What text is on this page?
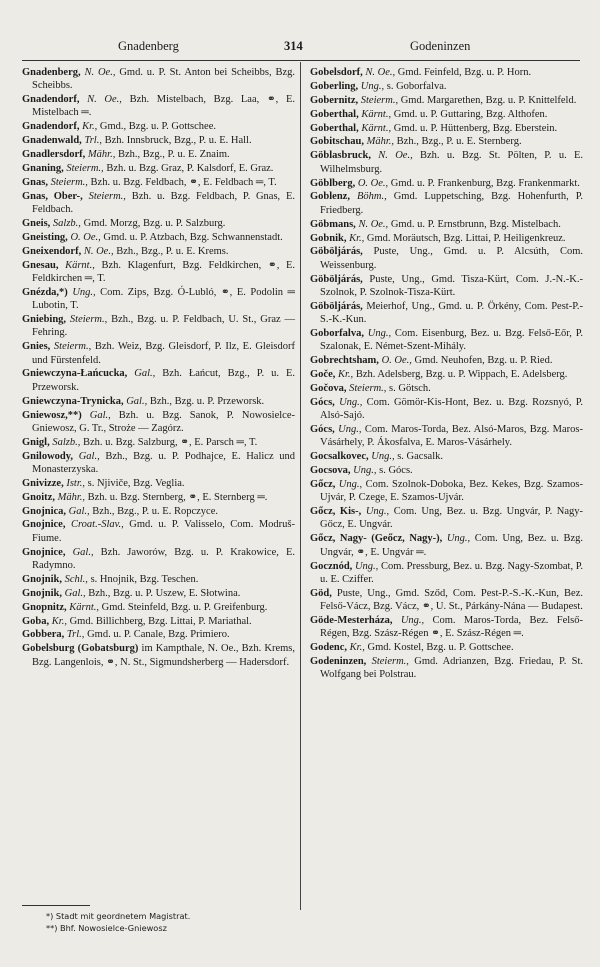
Gnadenberg	314	Godeninzen
Gnadenberg, N. Oe., Gmd. u. P. St. Anton bei Scheibbs, Bzg. Scheibbs.
Gnadendorf, N. Oe., Bzh. Mistelbach, Bzg. Laa, ⚭, E. Mistelbach ═.
Gnadendorf, Kr., Gmd., Bzg. u. P. Gottschee.
Gnadenwald, Trl., Bzh. Innsbruck, Bzg., P. u. E. Hall.
Gnadlersdorf, Mähr., Bzh., Bzg., P. u. E. Znaim.
Gnaning, Steierm., Bzh. u. Bzg. Graz, P. Kalsdorf, E. Graz.
Gnas, Steierm., Bzh. u. Bzg. Feldbach, ⚭, E. Feldbach ═, T.
Gnas, Ober-, Steierm., Bzh. u. Bzg. Feldbach, P. Gnas, E. Feldbach.
Gneis, Salzb., Gmd. Morzg, Bzg. u. P. Salzburg.
Gneisting, O. Oe., Gmd. u. P. Atzbach, Bzg. Schwannenstadt.
Gneixendorf, N. Oe., Bzh., Bzg., P. u. E. Krems.
Gnesau, Kärnt., Bzh. Klagenfurt, Bzg. Feldkirchen, ⚭, E. Feldkirchen ═, T.
Gnézda,*) Ung., Com. Zips, Bzg. Ó-Lubló, ⚭, E. Podolin ═ Lubotin, T.
Gniebing, Steierm., Bzh., Bzg. u. P. Feldbach, U. St., Graz — Fehring.
Gnies, Steierm., Bzh. Weiz, Bzg. Gleisdorf, P. Ilz, E. Gleisdorf und Fürstenfeld.
Gniewczyna-Łańcucka, Gal., Bzh. Łańcut, Bzg., P. u. E. Przeworsk.
Gniewczyna-Trynicka, Gal., Bzh., Bzg. u. P. Przeworsk.
Gniewosz,**) Gal., Bzh. u. Bzg. Sanok, P. Nowosielce-Gniewosz, G. Tr., Stroże — Zagórz.
Gnigl, Salzb., Bzh. u. Bzg. Salzburg, ⚭, E. Parsch ═, T.
Gnilowody, Gal., Bzh., Bzg. u. P. Podhajce, E. Halicz und Monasterzyska.
Gnivizze, Istr., s. Njiviče, Bzg. Veglia.
Gnoitz, Mähr., Bzh. u. Bzg. Sternberg, ⚭, E. Sternberg ═.
Gnojnica, Gal., Bzh., Bzg., P. u. E. Ropczyce.
Gnojnice, Croat.-Slav., Gmd. u. P. Valisselo, Com. Modruš-Fiume.
Gnojnice, Gal., Bzh. Jaworów, Bzg. u. P. Krakowice, E. Radymno.
Gnojnik, Schl., s. Hnojnik, Bzg. Teschen.
Gnojnik, Gal., Bzh., Bzg. u. P. Uszew, E. Słotwina.
Gnopnitz, Kärnt., Gmd. Steinfeld, Bzg. u. P. Greifenburg.
Goba, Kr., Gmd. Billichberg, Bzg. Littai, P. Mariathal.
Gobbera, Trl., Gmd. u. P. Canale, Bzg. Primiero.
Gobelsburg (Gobatsburg) im Kampthale, N. Oe., Bzh. Krems, Bzg. Langenlois, ⚭, N. St., Sigmundsherberg — Hadersdorf.
Gobelsdorf, N. Oe., Gmd. Feinfeld, Bzg. u. P. Horn.
Goberling, Ung., s. Goborfalva.
Gobernitz, Steierm., Gmd. Margarethen, Bzg. u. P. Knittelfeld.
Goberthal, Kärnt., Gmd. u. P. Guttaring, Bzg. Althofen.
Goberthal, Kärnt., Gmd. u. P. Hüttenberg, Bzg. Eberstein.
Gobitschau, Mähr., Bzh., Bzg., P. u. E. Sternberg.
Göblasbruck, N. Oe., Bzh. u. Bzg. St. Pölten, P. u. E. Wilhelmsburg.
Göblberg, O. Oe., Gmd. u. P. Frankenburg, Bzg. Frankenmarkt.
Goblenz, Böhm., Gmd. Luppetsching, Bzg. Hohenfurth, P. Friedberg.
Göbmans, N. Oe., Gmd. u. P. Ernstbrunn, Bzg. Mistelbach.
Gobnik, Kr., Gmd. Moräutsch, Bzg. Littai, P. Heiligenkreuz.
Göböljárás, Puste, Ung., Gmd. u. P. Alcsúth, Com. Weissenburg.
Göböljárás, Puste, Ung., Gmd. Tisza-Kürt, Com. J.-N.-K.-Szolnok, P. Szolnok-Tisza-Kürt.
Göböljárás, Meierhof, Ung., Gmd. u. P. Örkény, Com. Pest-P.-S.-K.-Kun.
Goborfalva, Ung., Com. Eisenburg, Bez. u. Bzg. Felső-Eőr, P. Szalonak, E. Német-Szent-Mihály.
Gobrechtsham, O. Oe., Gmd. Neuhofen, Bzg. u. P. Ried.
Goče, Kr., Bzh. Adelsberg, Bzg. u. P. Wippach, E. Adelsberg.
Gočova, Steierm., s. Götsch.
Gócs, Ung., Com. Gömör-Kis-Hont, Bez. u. Bzg. Rozsnyó, P. Alsó-Sajó.
Gócs, Ung., Com. Maros-Torda, Bez. Alsó-Maros, Bzg. Maros-Vásárhely, P. Ákosfalva, E. Maros-Vásárhely.
Gocsalkovec, Ung., s. Gacsalk.
Gocsova, Ung., s. Gócs.
Gőcz, Ung., Com. Szolnok-Doboka, Bez. Kekes, Bzg. Szamos-Ujvár, P. Czege, E. Szamos-Ujvár.
Gőcz, Kis-, Ung., Com. Ung, Bez. u. Bzg. Ungvár, P. Nagy-Gőcz, E. Ungvár.
Gőcz, Nagy- (Geőcz, Nagy-), Ung., Com. Ung, Bez. u. Bzg. Ungvár, ⚭, E. Ungvár ═.
Gocznód, Ung., Com. Pressburg, Bez. u. Bzg. Nagy-Szombat, P. u. E. Cziffer.
Göd, Puste, Ung., Gmd. Sződ, Com. Pest-P.-S.-K.-Kun, Bez. Felső-Vácz, Bzg. Vácz, ⚭, U. St., Párkány-Nána — Budapest.
Göde-Mesterháza, Ung., Com. Maros-Torda, Bez. Felső-Régen, Bzg. Szász-Régen ⚭, E. Szász-Régen ═.
Godenc, Kr., Gmd. Kostel, Bzg. u. P. Gottschee.
Godeninzen, Steierm., Gmd. Adrianzen, Bzg. Friedau, P. St. Wolfgang bei Polstrau.
*) Stadt mit geordnetem Magistrat.
**) Bhf. Nowosielce-Gniewosz
